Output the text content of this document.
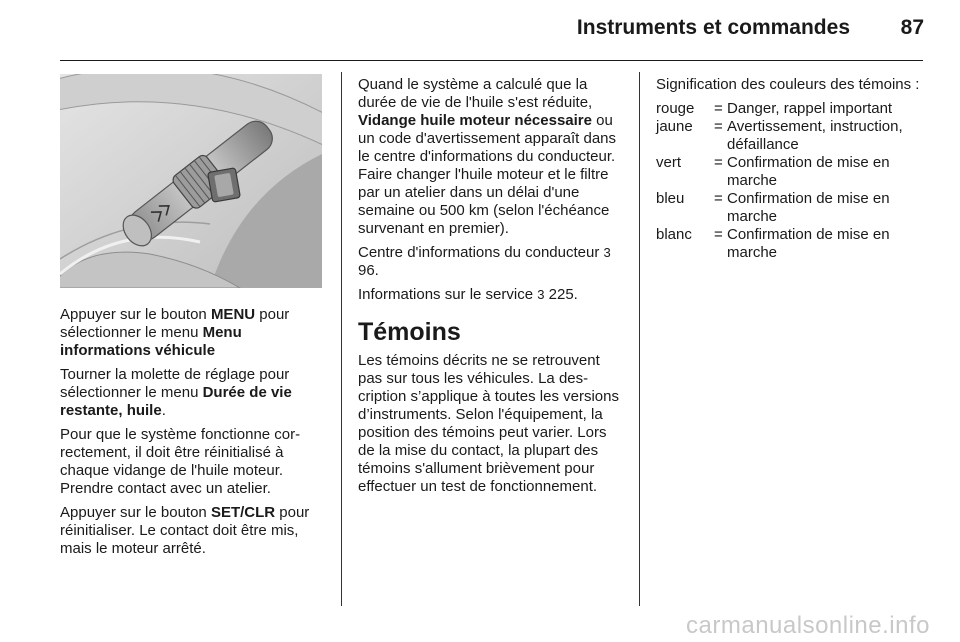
Instruments et commandes	87

Appuyer sur le bouton MENU pour sélectionner le menu Menu informations véhicule

Tourner la molette de réglage pour sélectionner le menu Durée de vie restante, huile.

Pour que le système fonctionne correctement, il doit être réinitialisé à chaque vidange de l'huile moteur. Prendre contact avec un atelier.

Appuyer sur le bouton SET/CLR pour réinitialiser. Le contact doit être mis, mais le moteur arrêté.

Quand le système a calculé que la durée de vie de l'huile s'est réduite, Vidange huile moteur nécessaire ou un code d'avertissement apparaît dans le centre d'informations du conducteur. Faire changer l'huile moteur et le filtre par un atelier dans un délai d'une semaine ou 500 km (selon l'échéance survenant en premier).

Centre d'informations du conducteur 3 96.

Informations sur le service 3 225.

Témoins

Les témoins décrits ne se retrouvent pas sur tous les véhicules. La description s’applique à toutes les versions d’instruments. Selon l'équipement, la position des témoins peut varier. Lors de la mise du contact, la plupart des témoins s'allument brièvement pour effectuer un test de fonctionnement.

Signification des couleurs des témoins :

rouge	= Danger, rappel important
jaune	= Avertissement, instruction, défaillance
vert	= Confirmation de mise en marche
bleu	= Confirmation de mise en marche
blanc	= Confirmation de mise en marche
carmanualsonline.info
